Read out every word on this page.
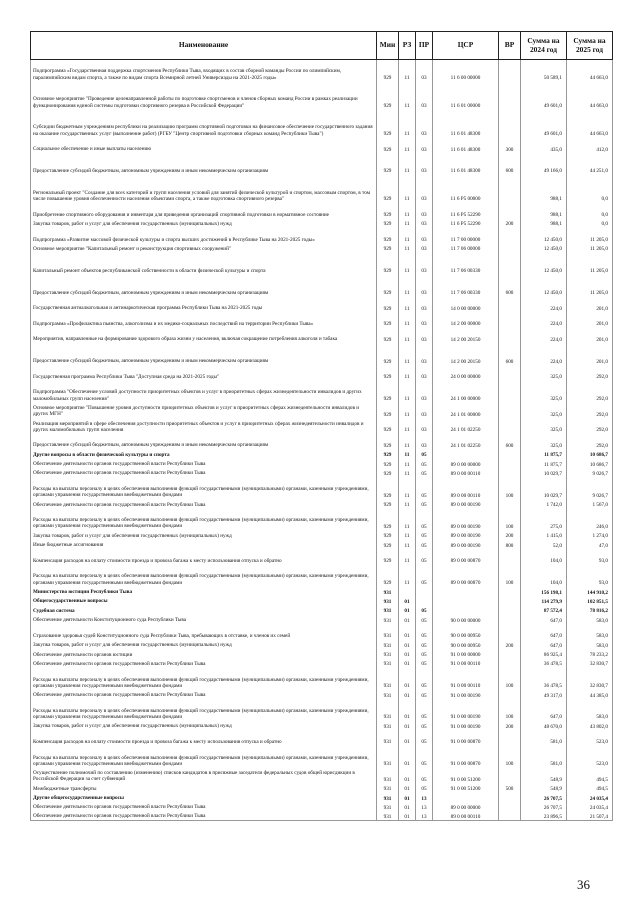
Наименование	Мин	РЗ	ПР	ЦСР	ВР	Сумма на 2024 год	Сумма на 2025 год
Подпрограмма «Государственная поддержка спортсменов Республики Тыва, входящих в состав сборной команды России по олимпийским, паралимпийским видам спорта, а также по видам спорта Всемирной летней Универсиады на 2021-2025 годы»	929	11	03	11 6 00 00000		50 589,1	44 663,0
Основное мероприятие "Проведение целенаправленной работы по подготовке спортсменов и членов сборных команд России в рамках реализации функционирования единой системы подготовки спортивного резерва в Российской Федерации"	929	11	03	11 6 01 00000		49 601,0	44 663,0
Субсидии бюджетным учреждениям республики на реализацию программ спортивной подготовки на финансовое обеспечение государственного задания на оказание государственных услуг (выполнение работ) (РГБУ "Центр спортивной подготовки сборных команд Республики Тыва")	929	11	03	11 6 01 48300		49 601,0	44 663,0
Социальное обеспечение и иные выплаты населению	929	11	03	11 6 01 48300	300	435,0	412,0
Предоставление субсидий бюджетным, автономным учреждениям и иным некоммерческим организациям	929	11	03	11 6 01 48300	600	49 166,0	44 251,0
Региональный проект "Создание для всех категорий и групп населения условий для занятий физической культурой и спортом, массовым спортом, в том числе повышение уровня обеспеченности населения объектами спорта, а также подготовка спортивного резерва"	929	11	03	11 6 P5 00000		988,1	0,0
Приобретение спортивного оборудования и инвентаря для приведения организаций спортивной подготовки в нормативное состояние	929	11	03	11 6 P5 52290		988,1	0,0
Закупка товаров, работ и услуг для обеспечения государственных (муниципальных) нужд	929	11	03	11 6 P5 52290	200	988,1	0,0
Подпрограмма «Развитие массовой физической культуры и спорта высших достижений в Республике Тыва на 2021-2025 годы»	929	11	03	11 7 00 00000		12 450,0	11 205,0
Основное мероприятие "Капитальный ремонт и реконструкция спортивных сооружений"	929	11	03	11 7 06 00000		12 450,0	11 205,0
Капитальный ремонт объектов республиканской собственности в области физической культуры и спорта	929	11	03	11 7 06 00330		12 450,0	11 205,0
Предоставление субсидий бюджетным, автономным учреждениям и иным некоммерческим организациям	929	11	03	11 7 06 00330	600	12 450,0	11 205,0
Государственная антиалкогольная и антинаркотическая программа Республики Тыва на 2021-2025 годы	929	11	03	14 0 00 00000		224,0	201,0
Подпрограмма «Профилактика пьянства, алкоголизма и их медико-социальных последствий на территории Республики Тыва»	929	11	03	14 2 00 00000		224,0	201,0
Мероприятия, направленные на формирование здорового образа жизни у населения, включая сокращение потребления алкоголя и табака	929	11	03	14 2 00 20150		224,0	201,0
Предоставление субсидий бюджетным, автономным учреждениям и иным некоммерческим организациям	929	11	03	14 2 00 20150	600	224,0	201,0
Государственная программа Республики Тыва "Доступная среда на 2021-2025 годы"	929	11	03	24 0 00 00000		325,0	292,0
Подпрограмма "Обеспечение условий доступности приоритетных объектов и услуг в приоритетных сферах жизнедеятельности инвалидов и других маломобильных групп населения"	929	11	03	24 1 00 00000		325,0	292,0
Основное мероприятие "Повышение уровня доступности приоритетных объектов и услуг в приоритетных сферах жизнедеятельности инвалидов и других МГН"	929	11	03	24 1 01 00000		325,0	292,0
Реализация мероприятий в сфере обеспечения доступности приоритетных объектов и услуг в приоритетных сферах жизнедеятельности инвалидов и других маломобильных групп населения	929	11	03	24 1 01 02250		325,0	292,0
Предоставление субсидий бюджетным, автономным учреждениям и иным некоммерческим организациям	929	11	03	24 1 01 02250	600	325,0	292,0
Другие вопросы в области физической культуры и спорта	929	11	05			11 875,7	10 686,7
Обеспечение деятельности органов государственной власти Республики Тыва	929	11	05	89 0 00 00000		11 875,7	10 686,7
Обеспечение деятельности органов государственной власти Республики Тыва	929	11	05	89 0 00 00110		10 029,7	9 026,7
Расходы на выплаты персоналу в целях обеспечения выполнения функций государственными (муниципальными) органами, казенными учреждениями, органами управления государственными внебюджетными фондами	929	11	05	89 0 00 00110	100	10 029,7	9 026,7
Обеспечение деятельности органов государственной власти Республики Тыва	929	11	05	89 0 00 00190		1 742,0	1 567,0
Расходы на выплаты персоналу в целях обеспечения выполнения функций государственными (муниципальными) органами, казенными учреждениями, органами управления государственными внебюджетными фондами	929	11	05	89 0 00 00190	100	275,0	246,0
Закупка товаров, работ и услуг для обеспечения государственных (муниципальных) нужд	929	11	05	89 0 00 00190	200	1 415,0	1 274,0
Иные бюджетные ассигнования	929	11	05	89 0 00 00190	800	52,0	47,0
Компенсация расходов на оплату стоимости проезда и провоза багажа к месту использования отпуска и обратно	929	11	05	89 0 00 00870		104,0	93,0
Расходы на выплаты персоналу в целях обеспечения выполнения функций государственными (муниципальными) органами, казенными учреждениями, органами управления государственными внебюджетными фондами	929	11	05	89 0 00 00870	100	104,0	93,0
Министерство юстиции Республики Тыва	931					156 198,1	144 910,2
Общегосударственные вопросы	931	01				114 279,9	102 851,5
Судебная система	931	01	05			87 572,4	78 816,2
Обеспечение деятельности Конституционного суда Республики Тыва	931	01	05	90 0 00 00000		647,0	583,0
Страхование здоровья судей Конституционного суда Республики Тыва, пребывающих в отставке, и членов их семей	931	01	05	90 0 00 00950		647,0	583,0
Закупка товаров, работ и услуг для обеспечения государственных (муниципальных) нужд	931	01	05	90 0 00 00950	200	647,0	583,0
Обеспечение деятельности органов юстиции	931	01	05	91 0 00 00000		86 925,4	78 233,2
Обеспечение деятельности органов государственной власти Республики Тыва	931	01	05	91 0 00 00110		36 478,5	32 830,7
Расходы на выплаты персоналу в целях обеспечения выполнения функций государственными (муниципальными) органами, казенными учреждениями, органами управления государственными внебюджетными фондами	931	01	05	91 0 00 00110	100	36 478,5	32 830,7
Обеспечение деятельности органов государственной власти Республики Тыва	931	01	05	91 0 00 00190		49 317,0	44 385,0
Расходы на выплаты персоналу в целях обеспечения выполнения функций государственными (муниципальными) органами, казенными учреждениями, органами управления государственными внебюджетными фондами	931	01	05	91 0 00 00190	100	647,0	583,0
Закупка товаров, работ и услуг для обеспечения государственных (муниципальных) нужд	931	01	05	91 0 00 00190	200	48 670,0	43 802,0
Компенсация расходов на оплату стоимости проезда и провоза багажа к месту использования отпуска и обратно	931	01	05	91 0 00 00870		581,0	523,0
Расходы на выплаты персоналу в целях обеспечения выполнения функций государственными (муниципальными) органами, казенными учреждениями, органами управления государственными внебюджетными фондами	931	01	05	91 0 00 00870	100	581,0	523,0
Осуществление полномочий по составлению (изменению) списков кандидатов в присяжные заседатели федеральных судов общей юрисдикции в Российской Федерации за счет субвенций	931	01	05	91 0 00 51200		548,9	494,5
Межбюджетные трансферты	931	01	05	91 0 00 51200	500	548,9	494,5
Другие общегосударственные вопросы	931	01	13			26 707,5	24 035,4
Обеспечение деятельности органов государственной власти Республики Тыва	931	01	13	89 0 00 00000		26 707,5	24 035,4
Обеспечение деятельности органов государственной власти Республики Тыва	931	01	13	89 0 00 00110		23 896,5	21 507,4
36
